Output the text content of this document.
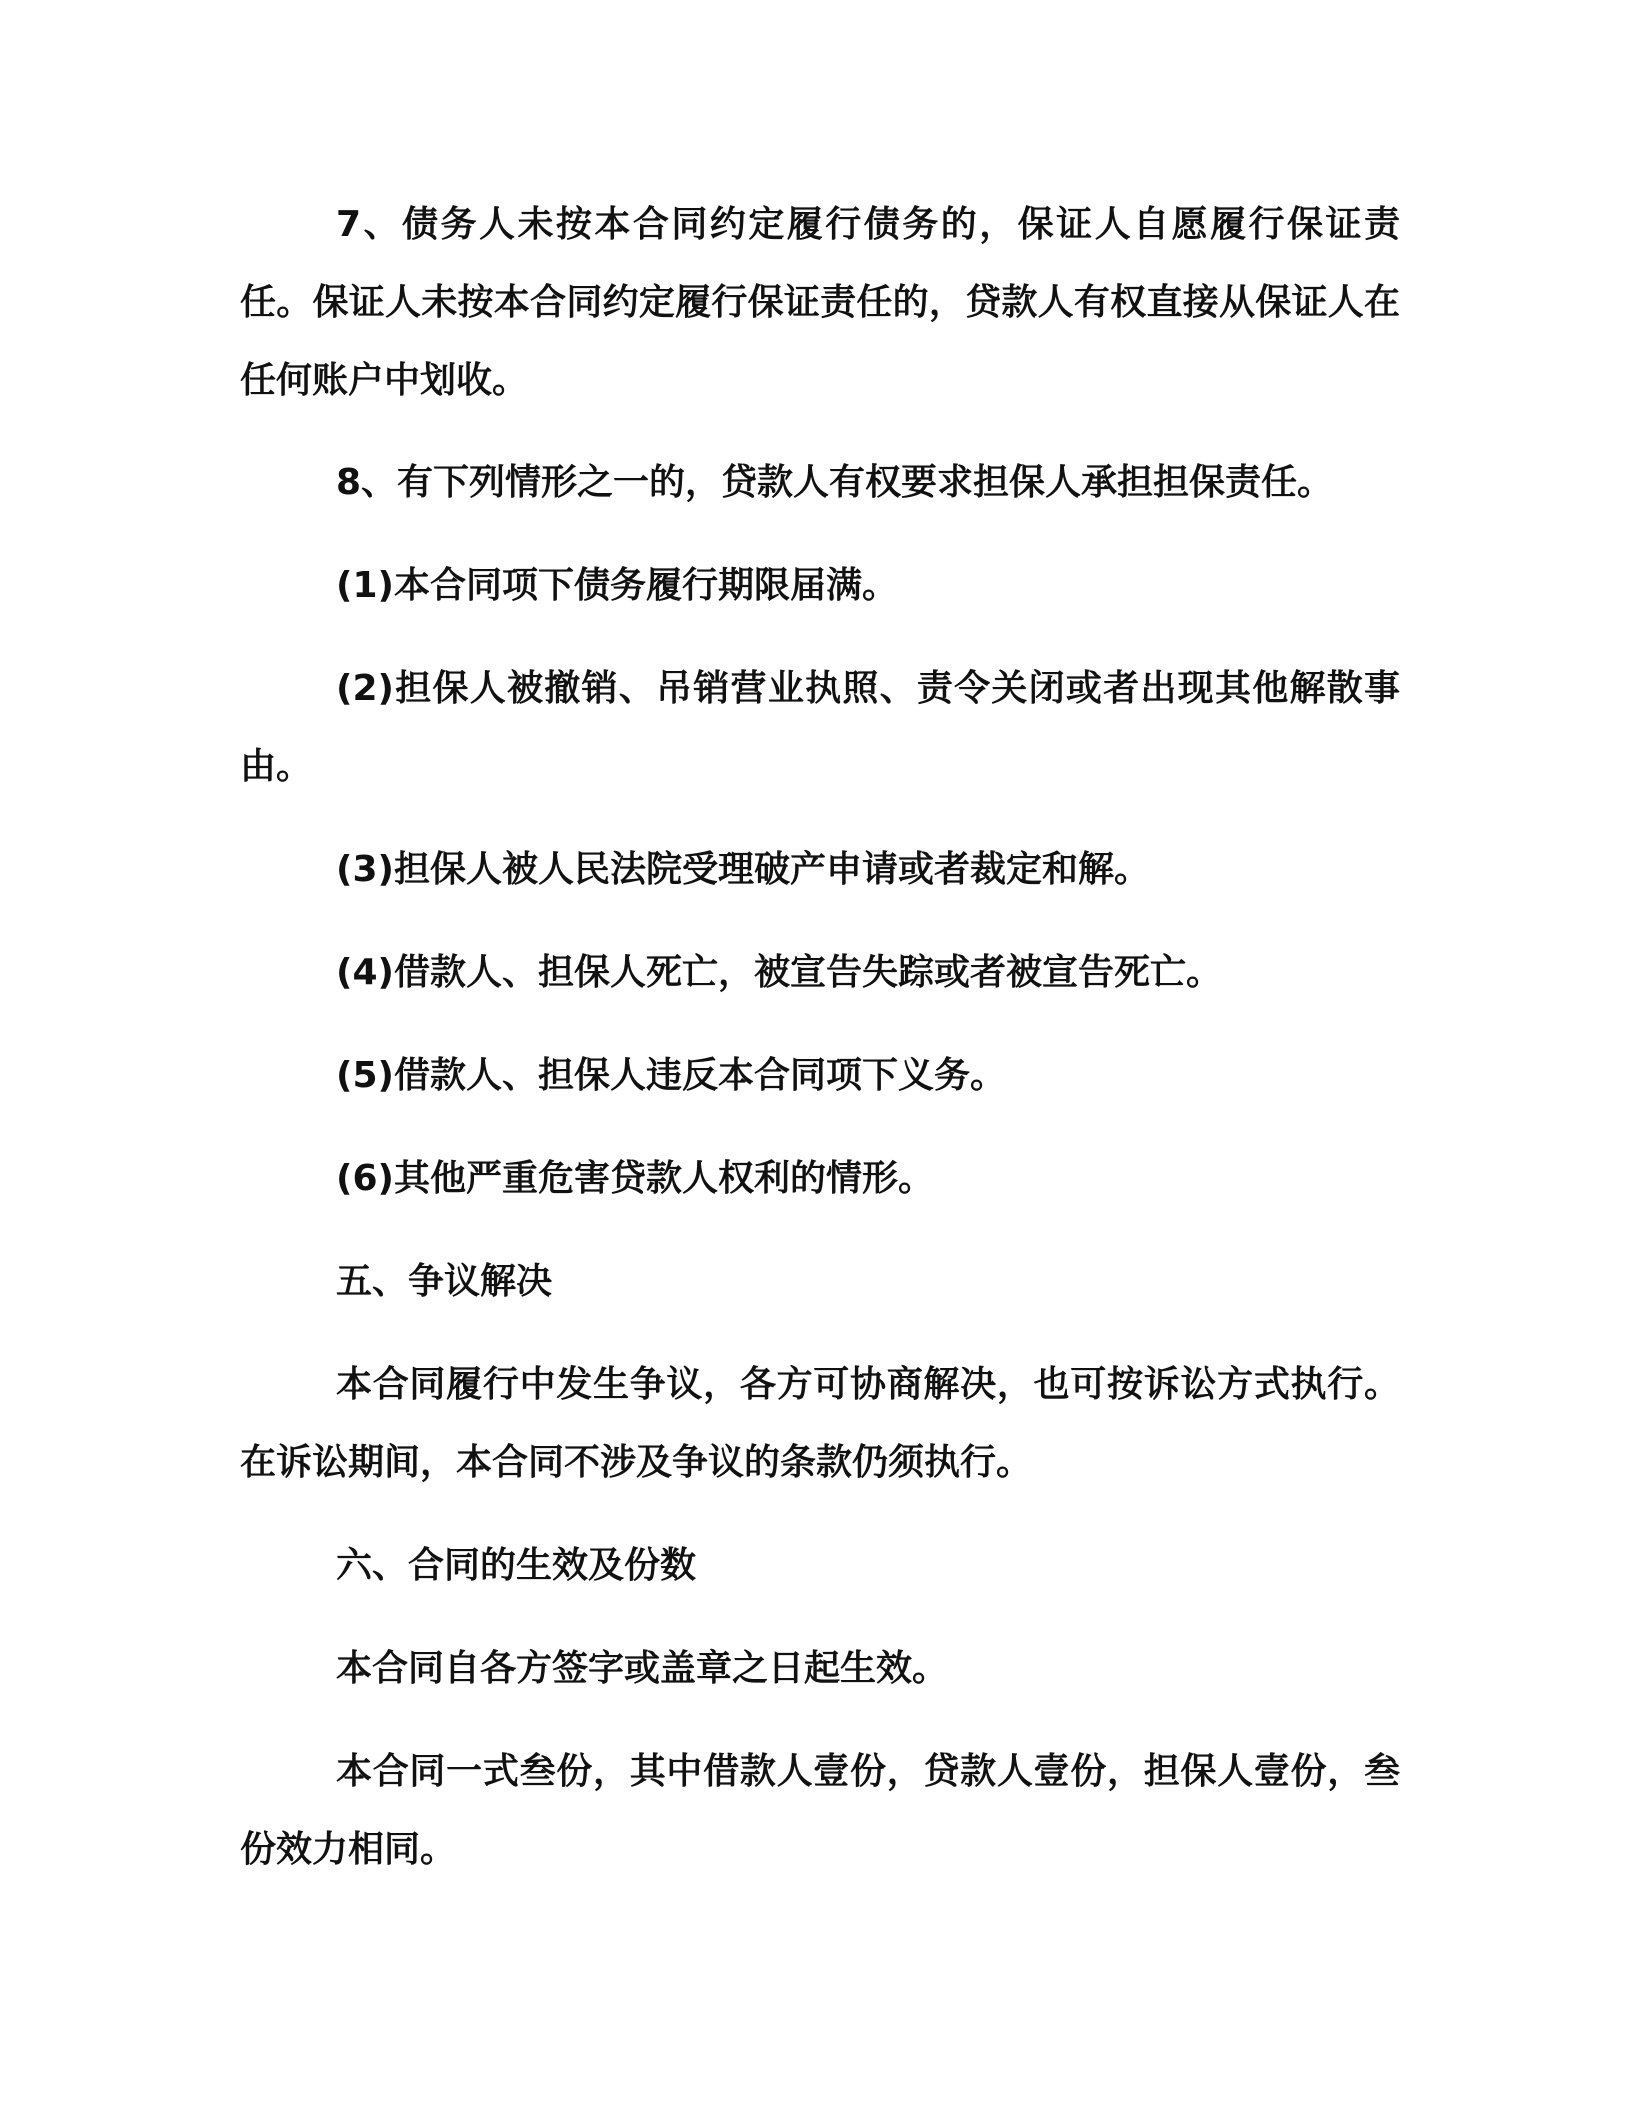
7、债务人未按本合同约定履行债务的，保证人自愿履行保证责任。保证人未按本合同约定履行保证责任的，贷款人有权直接从保证人在任何账户中划收。

8、有下列情形之一的，贷款人有权要求担保人承担担保责任。

(1)本合同项下债务履行期限届满。

(2)担保人被撤销、吊销营业执照、责令关闭或者出现其他解散事由。

(3)担保人被人民法院受理破产申请或者裁定和解。

(4)借款人、担保人死亡，被宣告失踪或者被宣告死亡。

(5)借款人、担保人违反本合同项下义务。

(6)其他严重危害贷款人权利的情形。

五、争议解决

本合同履行中发生争议，各方可协商解决，也可按诉讼方式执行。在诉讼期间，本合同不涉及争议的条款仍须执行。

六、合同的生效及份数

本合同自各方签字或盖章之日起生效。

本合同一式叁份，其中借款人壹份，贷款人壹份，担保人壹份，叁份效力相同。
